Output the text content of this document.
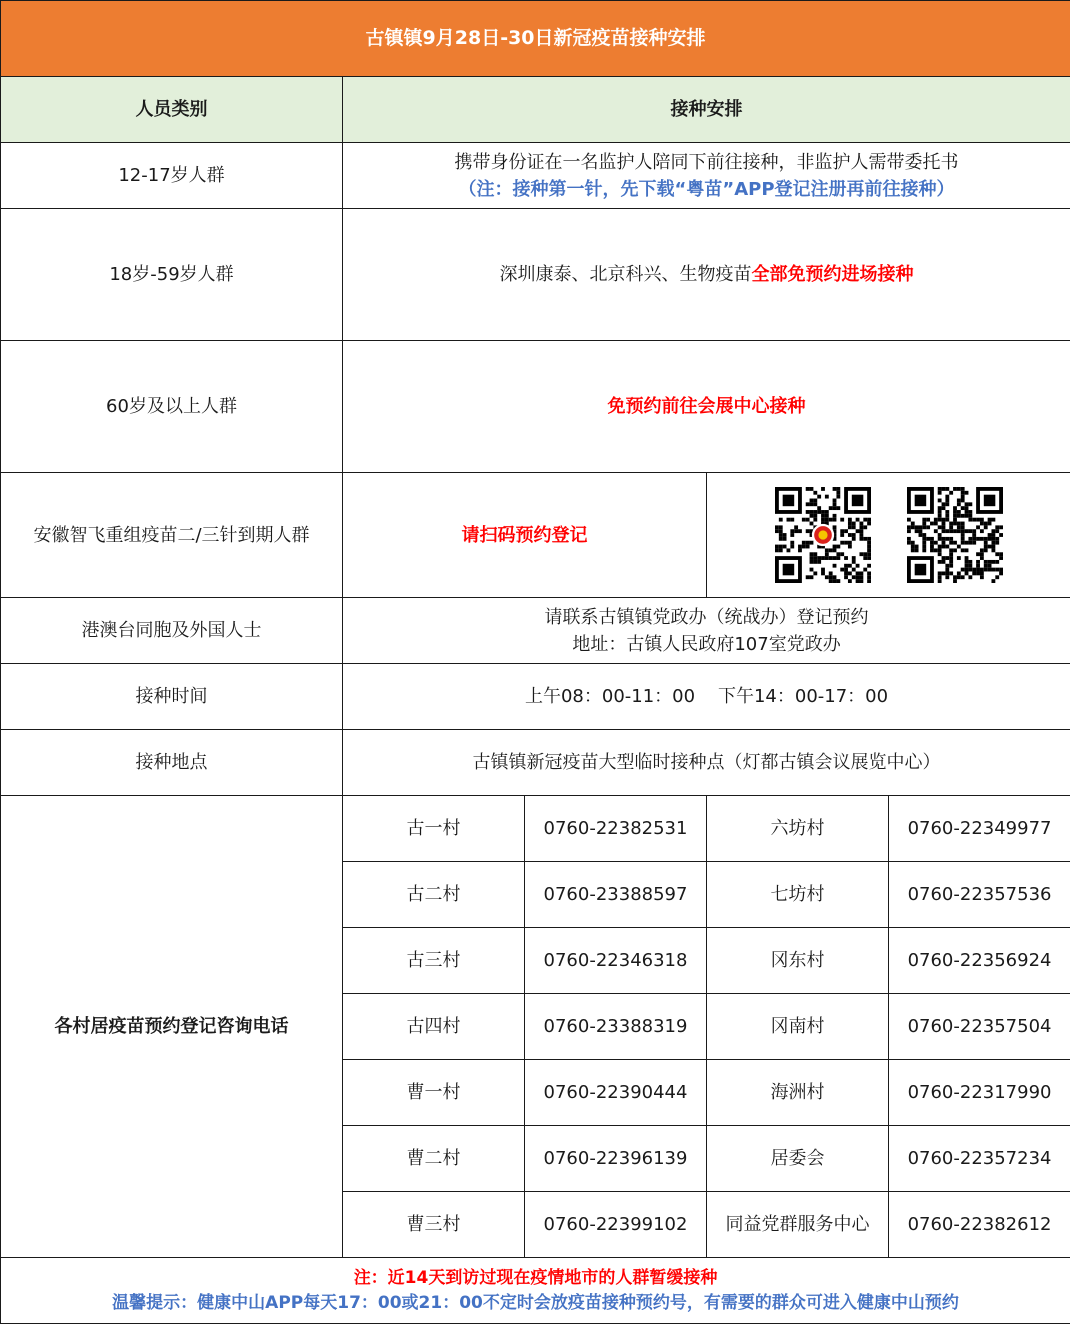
古镇镇9月28日-30日新冠疫苗接种安排				
人员类别	接种安排			
12-17岁人群	携带身份证在一名监护人陪同下前往接种，非监护人需带委托书
（注：接种第一针，先下载“粤苗”APP登记注册再前往接种）			

18岁-59岁人群	深圳康泰、北京科兴、生物疫苗全部免预约进场接种			
60岁及以上人群	免预约前往会展中心接种			
安徽智飞重组疫苗二/三针到期人群	请扫码预约登记	

港澳台同胞及外国人士	请联系古镇镇党政办（统战办）登记预约
地址：古镇人民政府107室党政办			

接种时间	上午08：00-11：00    下午14：00-17：00			
接种地点	古镇镇新冠疫苗大型临时接种点（灯都古镇会议展览中心）			
各村居疫苗预约登记咨询电话	古一村	0760-22382531	六坊村	0760-22349977
	古二村	0760-23388597	七坊村	0760-22357536
	古三村	0760-22346318	冈东村	0760-22356924
	古四村	0760-23388319	冈南村	0760-22357504
	曹一村	0760-22390444	海洲村	0760-22317990
	曹二村	0760-22396139	居委会	0760-22357234
	曹三村	0760-22399102	同益党群服务中心	0760-22382612

注：近14天到访过现在疫情地市的人群暂缓接种
温馨提示：健康中山APP每天17：00或21：00不定时会放疫苗接种预约号，有需要的群众可进入健康中山预约				
